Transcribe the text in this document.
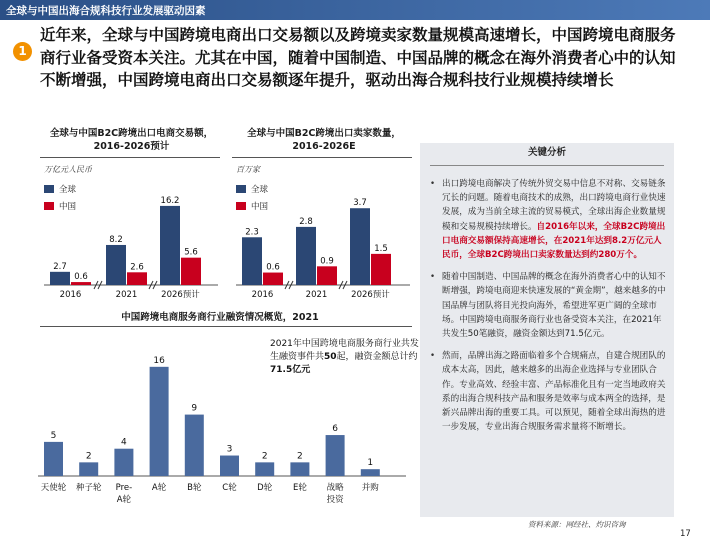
全球与中国出海合规科技行业发展驱动因素
1
近年来，全球与中国跨境电商出口交易额以及跨境卖家数量规模高速增长，中国跨境电商服务商行业备受资本关注。尤其在中国，随着中国制造、中国品牌的概念在海外消费者心中的认知不断增强，中国跨境电商出口交易额逐年提升，驱动出海合规科技行业规模持续增长
全球与中国B2C跨境出口电商交易额，2016-2026预计
万亿元人民币
全球
中国
2.7
0.6
2016
8.2
2.6
2021
16.2
5.6
2026预计
全球与中国B2C跨境出口卖家数量，2016-2026E
百万家
全球
中国
2.3
0.6
2016
2.8
0.9
2021
3.7
1.5
2026预计
中国跨境电商服务商行业融资情况概览，2021
5
天使轮
2
种子轮
4
Pre-
A轮
16
A轮
9
B轮
3
C轮
2
D轮
2
E轮
6
战略
投资
1
并购
2021年中国跨境电商服务商行业共发生融资事件共50起，融资金额总计约71.5亿元
关键分析
• 出口跨境电商解决了传统外贸交易中信息不对称、交易链条冗长的问题。随着电商技术的成熟，出口跨境电商行业快速发展，成为当前全球主流的贸易模式，全球出海企业数量规模和交易规模持续增长。自2016年以来，全球B2C跨境出口电商交易额保持高速增长，在2021年达到8.2万亿元人民币，全球B2C跨境出口卖家数量达到约280万个。
• 随着中国制造、中国品牌的概念在海外消费者心中的认知不断增强，跨境电商迎来快速发展的“黄金期”，越来越多的中国品牌与团队将目光投向海外，希望进军更广阔的全球市场。中国跨境电商服务商行业也备受资本关注，在2021年共发生50笔融资，融资金额达到71.5亿元。
• 然而，品牌出海之路面临着多个合规痛点，自建合规团队的成本太高，因此，越来越多的出海企业选择与专业团队合作。专业高效、经验丰富、产品标准化且有一定当地政府关系的出海合规科技产品和服务是效率与成本两全的选择，是新兴品牌出海的重要工具。可以预见，随着全球出海热的进一步发展，专业出海合规服务需求量将不断增长。
资料来源：网经社、灼识咨询
17
